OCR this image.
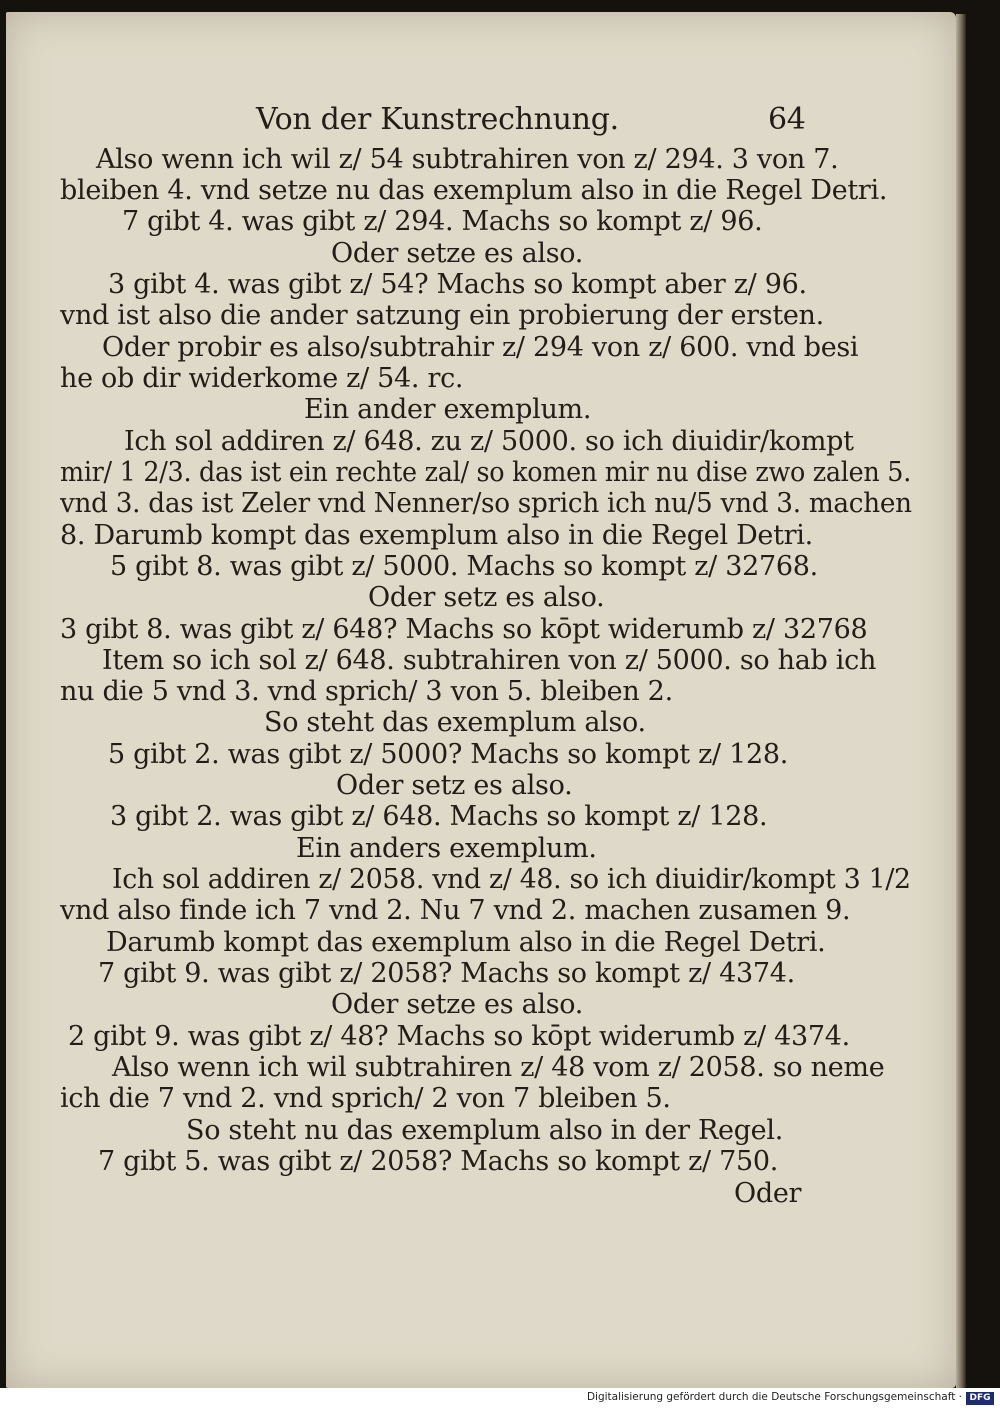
Von der Kunstrechnung.	64
Also wenn ich wil z/ 54 subtrahiren von z/ 294. 3 von 7.
bleiben 4. vnd setze nu das exemplum also in die Regel Detri.
7 gibt 4. was gibt z/ 294. Machs so kompt z/ 96.
Oder setze es also.
3 gibt 4. was gibt z/ 54? Machs so kompt aber z/ 96.
vnd ist also die ander satzung ein probierung der ersten.
Oder probir es also/subtrahir z/ 294 von z/ 600. vnd besi
he ob dir widerkome z/ 54. rc.
Ein ander exemplum.
Ich sol addiren z/ 648. zu z/ 5000. so ich diuidir/kompt
mir/ 1 2/3. das ist ein rechte zal/ so komen mir nu dise zwo zalen 5.
vnd 3. das ist Zeler vnd Nenner/so sprich ich nu/5 vnd 3. machen
8. Darumb kompt das exemplum also in die Regel Detri.
5 gibt 8. was gibt z/ 5000. Machs so kompt z/ 32768.
Oder setz es also.
3 gibt 8. was gibt z/ 648? Machs so kōpt widerumb z/ 32768
Item so ich sol z/ 648. subtrahiren von z/ 5000. so hab ich
nu die 5 vnd 3. vnd sprich/ 3 von 5. bleiben 2.
So steht das exemplum also.
5 gibt 2. was gibt z/ 5000? Machs so kompt z/ 128.
Oder setz es also.
3 gibt 2. was gibt z/ 648. Machs so kompt z/ 128.
Ein anders exemplum.
Ich sol addiren z/ 2058. vnd z/ 48. so ich diuidir/kompt 3 1/2
vnd also finde ich 7 vnd 2. Nu 7 vnd 2. machen zusamen 9.
Darumb kompt das exemplum also in die Regel Detri.
7 gibt 9. was gibt z/ 2058? Machs so kompt z/ 4374.
Oder setze es also.
2 gibt 9. was gibt z/ 48? Machs so kōpt widerumb z/ 4374.
Also wenn ich wil subtrahiren z/ 48 vom z/ 2058. so neme
ich die 7 vnd 2. vnd sprich/ 2 von 7 bleiben 5.
So steht nu das exemplum also in der Regel.
7 gibt 5. was gibt z/ 2058? Machs so kompt z/ 750.
Oder
Digitalisierung gefördert durch die Deutsche Forschungsgemeinschaft · DFG
